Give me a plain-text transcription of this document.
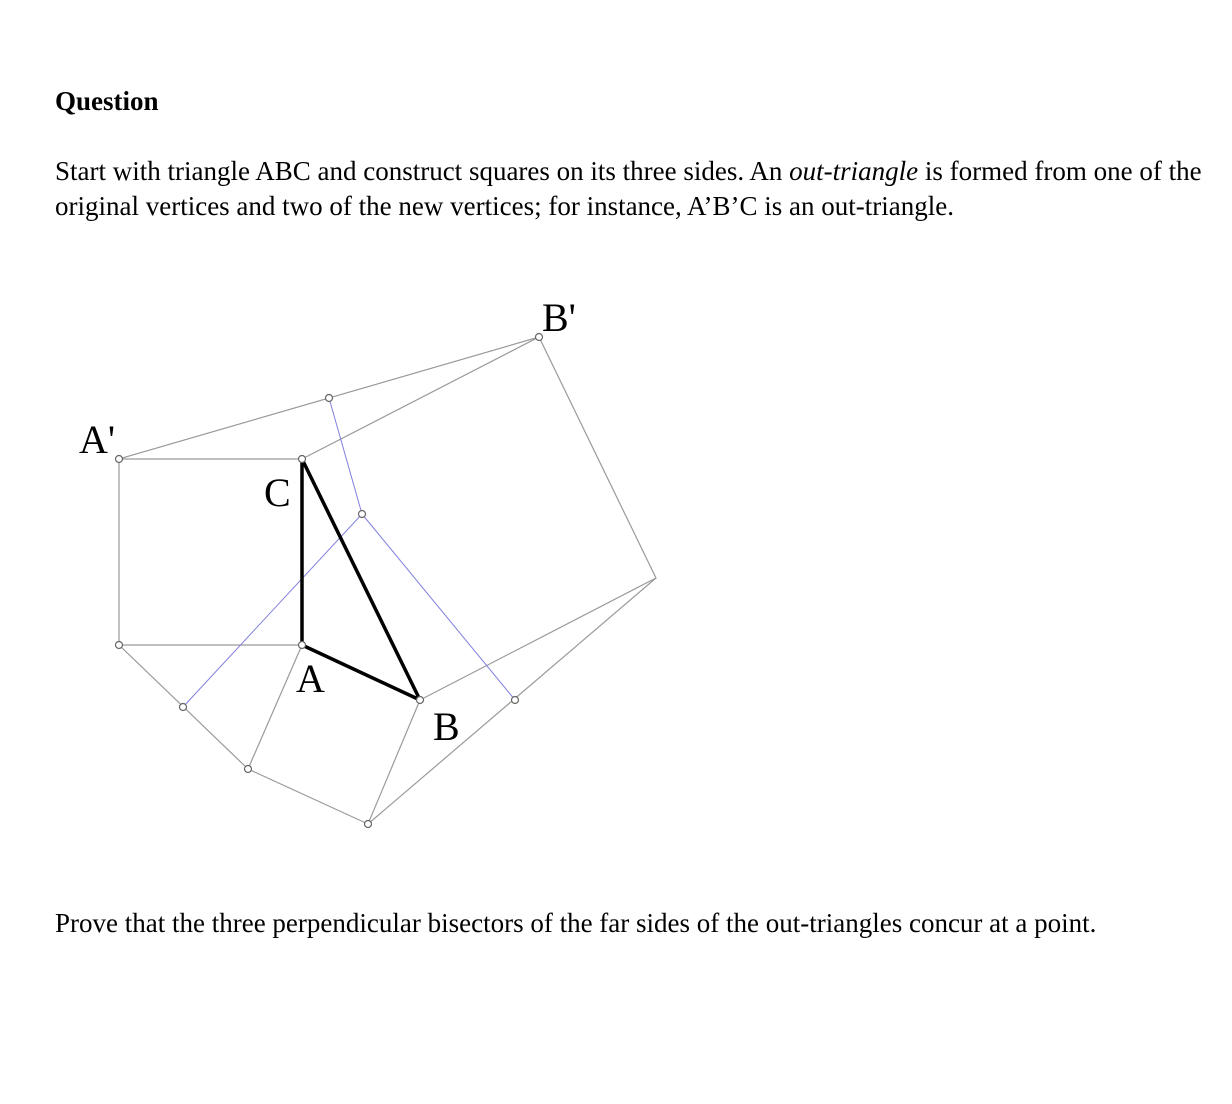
Question

Start with triangle ABC and construct squares on its three sides. An out-triangle is formed from one of the original vertices and two of the new vertices; for instance, A’B’C is an out-triangle.

A'
C
A
B
B'

Prove that the three perpendicular bisectors of the far sides of the out-triangles concur at a point.
